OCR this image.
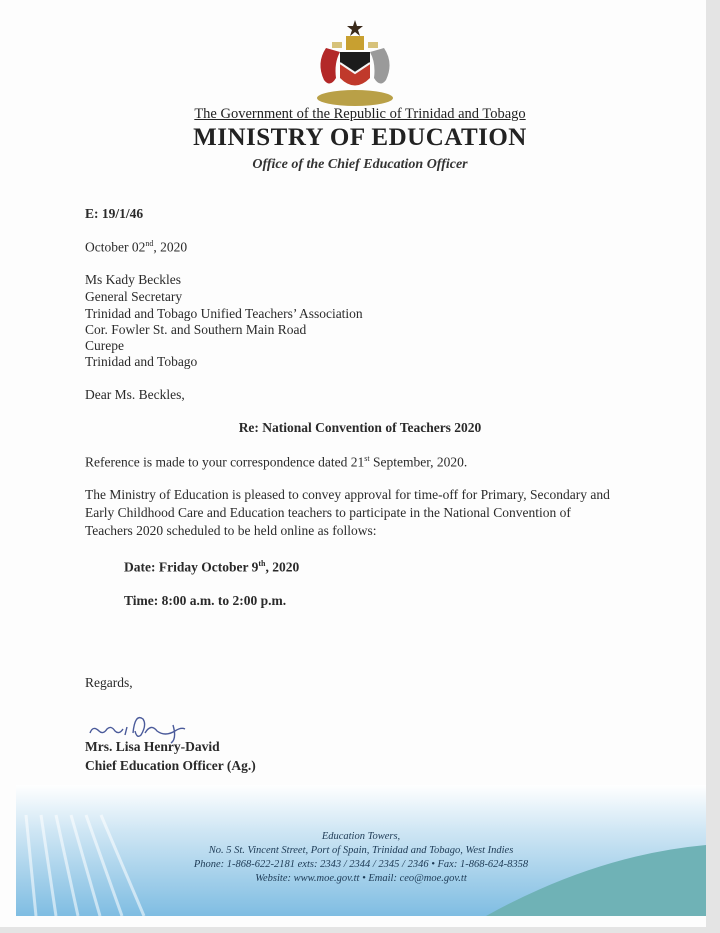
The Government of the Republic of Trinidad and Tobago
MINISTRY OF EDUCATION
Office of the Chief Education Officer
E: 19/1/46
October 02nd, 2020
Ms Kady Beckles
General Secretary
Trinidad and Tobago Unified Teachers’ Association
Cor. Fowler St. and Southern Main Road
Curepe
Trinidad and Tobago
Dear Ms. Beckles,
Re: National Convention of Teachers 2020
Reference is made to your correspondence dated 21st September, 2020.
The Ministry of Education is pleased to convey approval for time-off for Primary, Secondary and
Early Childhood Care and Education teachers to participate in the National Convention of
Teachers 2020 scheduled to be held online as follows:
Date: Friday October 9th, 2020
Time: 8:00 a.m. to 2:00 p.m.
Regards,
Mrs. Lisa Henry-David
Chief Education Officer (Ag.)
Education Towers,
No. 5 St. Vincent Street, Port of Spain, Trinidad and Tobago, West Indies
Phone: 1-868-622-2181 exts: 2343 / 2344 / 2345 / 2346 • Fax: 1-868-624-8358
Website: www.moe.gov.tt • Email: ceo@moe.gov.tt
